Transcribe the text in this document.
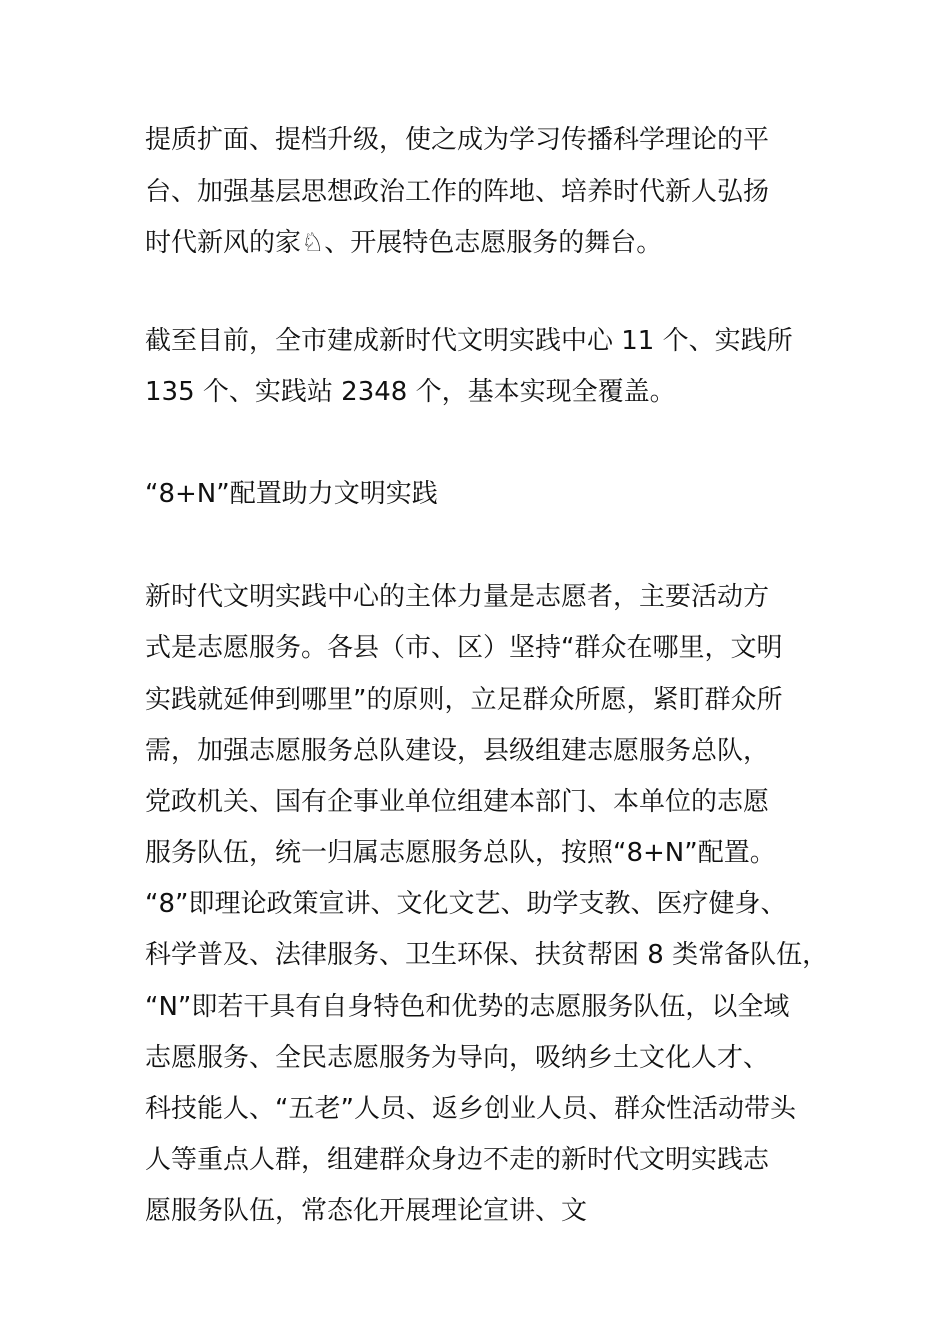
提质扩面、提档升级，使之成为学习传播科学理论的平
台、加强基层思想政治工作的阵地、培养时代新人弘扬
时代新风的家♘、开展特色志愿服务的舞台。
截至目前，全市建成新时代文明实践中心 11 个、实践所
135 个、实践站 2348 个，基本实现全覆盖。
“8+N”配置助力文明实践
新时代文明实践中心的主体力量是志愿者，主要活动方
式是志愿服务。各县（市、区）坚持“群众在哪里，文明
实践就延伸到哪里”的原则，立足群众所愿，紧盯群众所
需，加强志愿服务总队建设，县级组建志愿服务总队，
党政机关、国有企事业单位组建本部门、本单位的志愿
服务队伍，统一归属志愿服务总队，按照“8+N”配置。
“8”即理论政策宣讲、文化文艺、助学支教、医疗健身、
科学普及、法律服务、卫生环保、扶贫帮困 8 类常备队伍，
“N”即若干具有自身特色和优势的志愿服务队伍，以全域
志愿服务、全民志愿服务为导向，吸纳乡土文化人才、
科技能人、“五老”人员、返乡创业人员、群众性活动带头
人等重点人群，组建群众身边不走的新时代文明实践志
愿服务队伍，常态化开展理论宣讲、文
